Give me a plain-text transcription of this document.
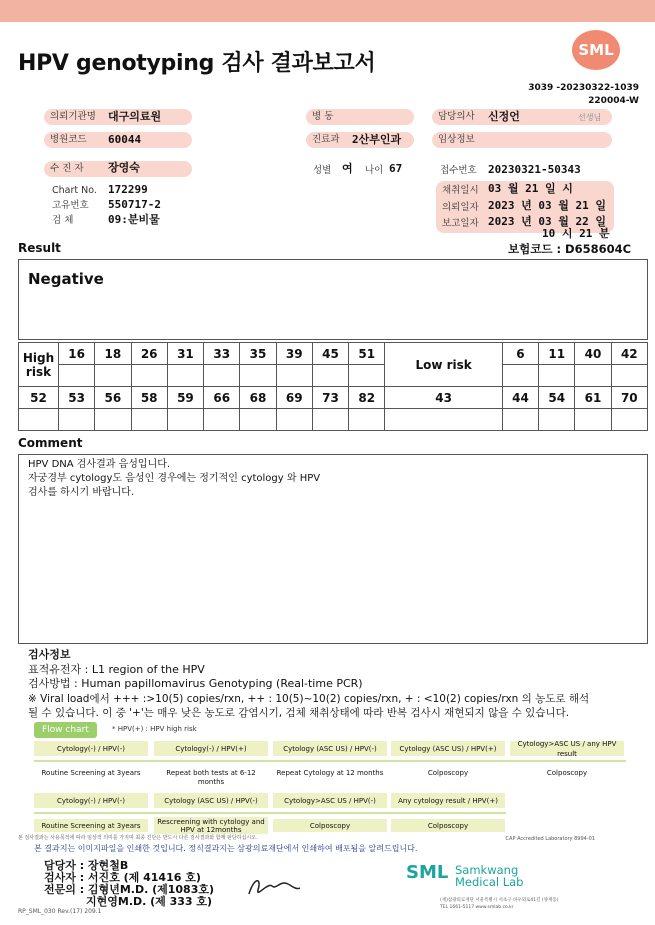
HPV genotyping 검사 결과보고서
SML
3039 -20230322-1039
220004-W
의뢰기관명	대구의료원	병 동	담당의사	신정언	선생님
병원코드	60044	진료과	2산부인과	임상정보
수 진 자	장영숙	성별 여 나이 67	접수번호 20230321-50343
Chart No. 172299
고유번호 550717-2
검 체	09:분비물
채취일시 03 월 21 일 시
의뢰일자 2023 년 03 월 21 일
보고일자 2023 년 03 월 22 일
10 시 21 분
Result	보험코드 : D658604C
Negative
High risk	16	18	26	31	33	35	39	45	51	Low risk	6	11	40	42

52	53	56	58	59	66	68	69	73	82	43	44	54	61	70

Comment
HPV DNA 검사결과 음성입니다.
자궁경부 cytology도 음성인 경우에는 정기적인 cytology 와 HPV
검사를 하시기 바랍니다.
검사정보
표적유전자 : L1 region of the HPV
검사방법 : Human papillomavirus Genotyping (Real-time PCR)
※ Viral load에서 +++ :>10(5) copies/rxn, ++ : 10(5)~10(2) copies/rxn, + : <10(2) copies/rxn 의 농도로 해석
될 수 있습니다. 이 중 '+'는 매우 낮은 농도로 감염시기, 검체 채취상태에 따라 반복 검사시 재현되지 않을 수 있습니다.
Flow chart	* HPV(+) : HPV high risk
Cytology(-) / HPV(-)	Cytology(-) / HPV(+)	Cytology (ASC US) / HPV(-)	Cytology (ASC US) / HPV(+)
Cytology>ASC US / any HPV result
Routine Screening at 3years	Repeat both tests at 6-12 months
Repeat Cytology at 12 months	Colposcopy	Colposcopy
Cytology(-) / HPV(-)	Cytology (ASC US) / HPV(-)	Cytology>ASC US / HPV(-)	Any cytology result / HPV(+)
Routine Screening at 3years	Rescreening with cytology and HPV at 12months	Colposcopy	Colposcopy
본 검사결과는 사용목적에 따라 임상적 의미를 가지며 최종 진단은 반드시 다른 검사결과와 함께 판단하십시오.	CAP Accredited Laboratory 8994-01
본 결과지는 이미지파일을 인쇄한 것입니다. 정식결과지는 삼광의료재단에서 인쇄하여 배포됨을 알려드립니다.
담당자 : 장현철B
검사자 : 서진호 (제 41416 호)
전문의 : 김형년M.D. (제1083호)
지현영M.D. (제 333 호)
RP_SML_030 Rev.(17) 209.1
SML Samkwang
Medical Lab
(재)삼광의료재단 서울특별시 서초구 바우뫼로41길 (양재동)
TEL 1661-5117 www.smlab.co.kr
